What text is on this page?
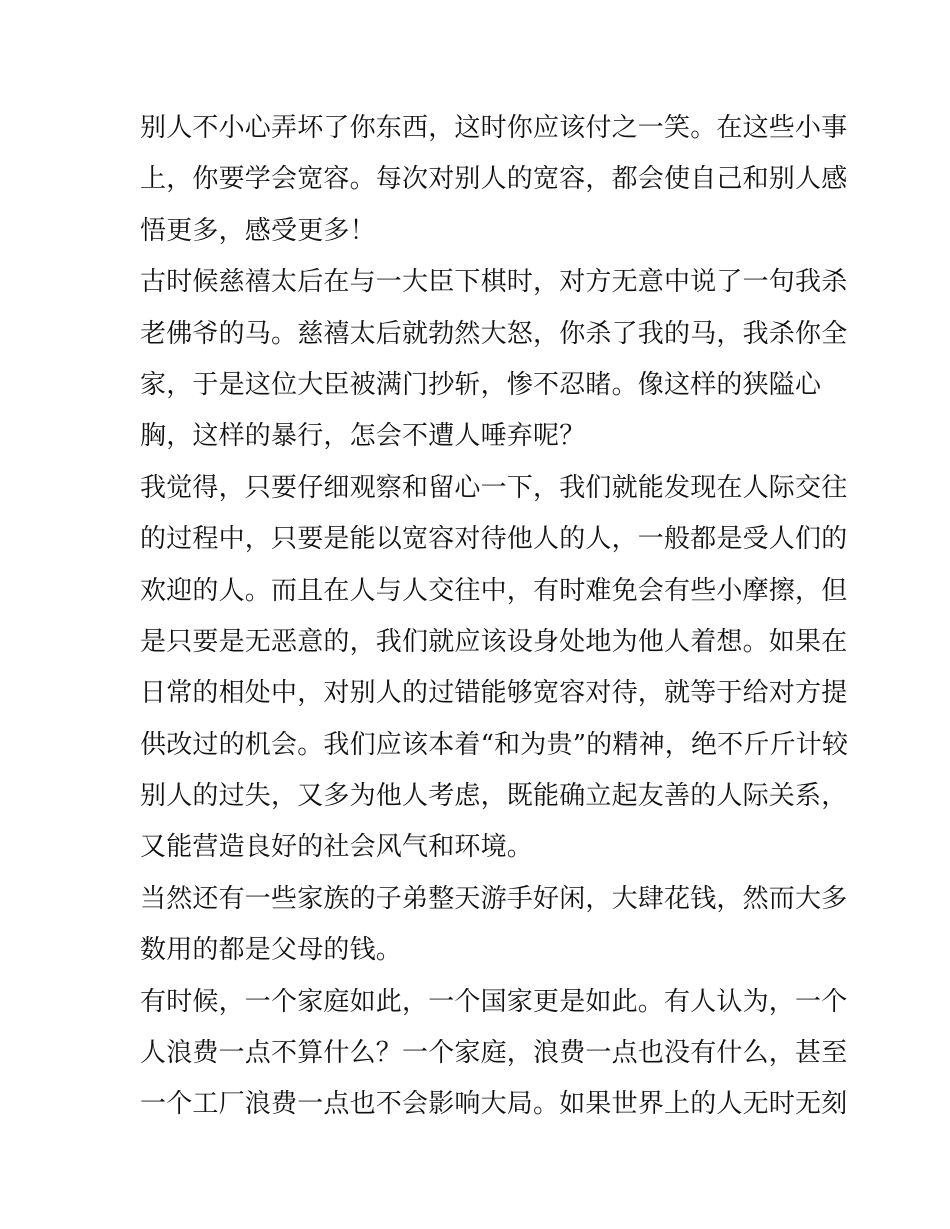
别人不小心弄坏了你东西，这时你应该付之一笑。在这些小事
上，你要学会宽容。每次对别人的宽容，都会使自己和别人感
悟更多，感受更多！
古时候慈禧太后在与一大臣下棋时，对方无意中说了一句我杀
老佛爷的马。慈禧太后就勃然大怒，你杀了我的马，我杀你全
家，于是这位大臣被满门抄斩，惨不忍睹。像这样的狭隘心
胸，这样的暴行，怎会不遭人唾弃呢？
我觉得，只要仔细观察和留心一下，我们就能发现在人际交往
的过程中，只要是能以宽容对待他人的人，一般都是受人们的
欢迎的人。而且在人与人交往中，有时难免会有些小摩擦，但
是只要是无恶意的，我们就应该设身处地为他人着想。如果在
日常的相处中，对别人的过错能够宽容对待，就等于给对方提
供改过的机会。我们应该本着“和为贵”的精神，绝不斤斤计较
别人的过失，又多为他人考虑，既能确立起友善的人际关系，
又能营造良好的社会风气和环境。
当然还有一些家族的子弟整天游手好闲，大肆花钱，然而大多
数用的都是父母的钱。
有时候，一个家庭如此，一个国家更是如此。有人认为，一个
人浪费一点不算什么？一个家庭，浪费一点也没有什么，甚至
一个工厂浪费一点也不会影响大局。如果世界上的人无时无刻
